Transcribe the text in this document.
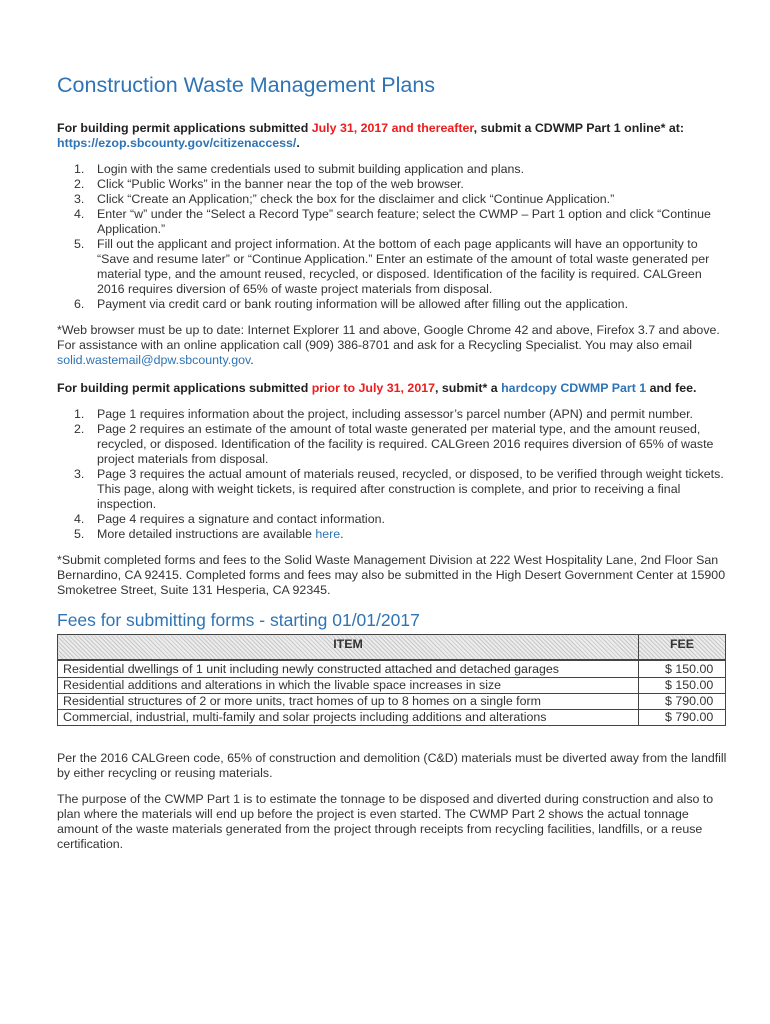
Construction Waste Management Plans

For building permit applications submitted July 31, 2017 and thereafter, submit a CDWMP Part 1 online* at:
https://ezop.sbcounty.gov/citizenaccess/.

1. Login with the same credentials used to submit building application and plans.
2. Click “Public Works” in the banner near the top of the web browser.
3. Click “Create an Application;” check the box for the disclaimer and click “Continue Application.”
4. Enter “w” under the “Select a Record Type” search feature; select the CWMP – Part 1 option and click “Continue Application.”
5. Fill out the applicant and project information. At the bottom of each page applicants will have an opportunity to “Save and resume later” or “Continue Application.” Enter an estimate of the amount of total waste generated per material type, and the amount reused, recycled, or disposed. Identification of the facility is required. CALGreen 2016 requires diversion of 65% of waste project materials from disposal.
6. Payment via credit card or bank routing information will be allowed after filling out the application.

*Web browser must be up to date: Internet Explorer 11 and above, Google Chrome 42 and above, Firefox 3.7 and above. For assistance with an online application call (909) 386-8701 and ask for a Recycling Specialist. You may also email solid.wastemail@dpw.sbcounty.gov.

For building permit applications submitted prior to July 31, 2017, submit* a hardcopy CDWMP Part 1 and fee.

1. Page 1 requires information about the project, including assessor’s parcel number (APN) and permit number.
2. Page 2 requires an estimate of the amount of total waste generated per material type, and the amount reused, recycled, or disposed. Identification of the facility is required. CALGreen 2016 requires diversion of 65% of waste project materials from disposal.
3. Page 3 requires the actual amount of materials reused, recycled, or disposed, to be verified through weight tickets. This page, along with weight tickets, is required after construction is complete, and prior to receiving a final inspection.
4. Page 4 requires a signature and contact information.
5. More detailed instructions are available here.

*Submit completed forms and fees to the Solid Waste Management Division at 222 West Hospitality Lane, 2nd Floor San Bernardino, CA 92415. Completed forms and fees may also be submitted in the High Desert Government Center at 15900 Smoketree Street, Suite 131 Hesperia, CA 92345.

Fees for submitting forms - starting 01/01/2017
ITEM	FEE
Residential dwellings of 1 unit including newly constructed attached and detached garages	$ 150.00
Residential additions and alterations in which the livable space increases in size	$ 150.00
Residential structures of 2 or more units, tract homes of up to 8 homes on a single form	$ 790.00
Commercial, industrial, multi-family and solar projects including additions and alterations	$ 790.00

Per the 2016 CALGreen code, 65% of construction and demolition (C&D) materials must be diverted away from the landfill by either recycling or reusing materials.

The purpose of the CWMP Part 1 is to estimate the tonnage to be disposed and diverted during construction and also to plan where the materials will end up before the project is even started. The CWMP Part 2 shows the actual tonnage amount of the waste materials generated from the project through receipts from recycling facilities, landfills, or a reuse certification.
